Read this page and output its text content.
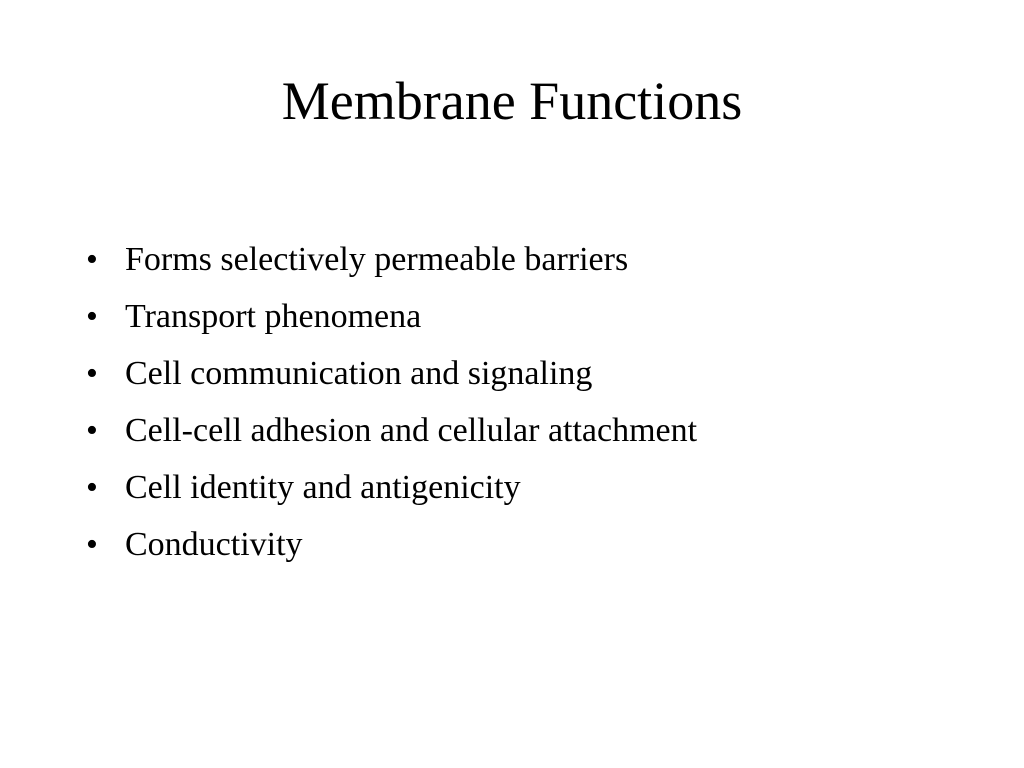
Membrane Functions
• Forms selectively permeable barriers
• Transport phenomena
• Cell communication and signaling
• Cell-cell adhesion and cellular attachment
• Cell identity and antigenicity
• Conductivity
